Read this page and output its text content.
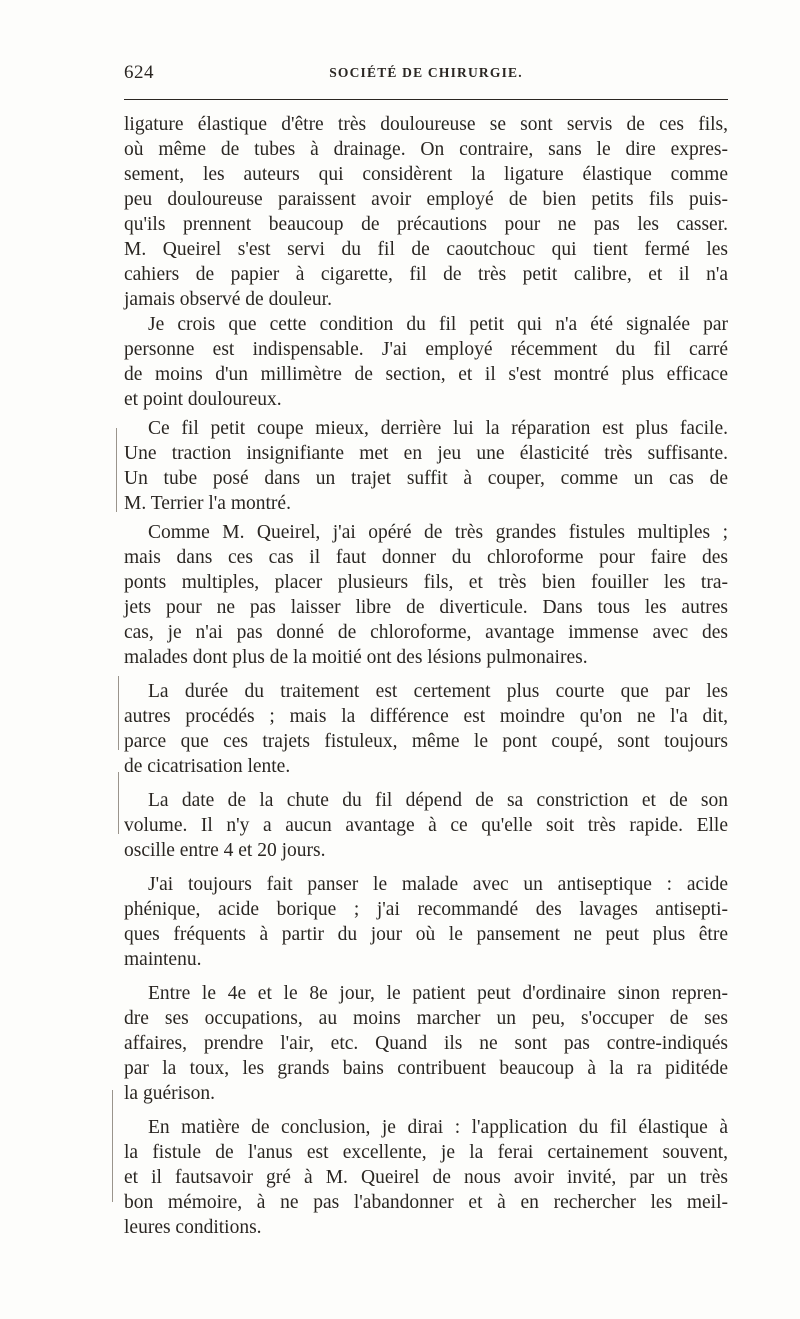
624	SOCIÉTÉ DE CHIRURGIE.
ligature élastique d'être très douloureuse se sont servis de ces fils,
où même de tubes à drainage. On contraire, sans le dire expres-
sement, les auteurs qui considèrent la ligature élastique comme
peu douloureuse paraissent avoir employé de bien petits fils puis-
qu'ils prennent beaucoup de précautions pour ne pas les casser.
M. Queirel s'est servi du fil de caoutchouc qui tient fermé les
cahiers de papier à cigarette, fil de très petit calibre, et il n'a
jamais observé de douleur.
Je crois que cette condition du fil petit qui n'a été signalée par
personne est indispensable. J'ai employé récemment du fil carré
de moins d'un millimètre de section, et il s'est montré plus efficace
et point douloureux.
Ce fil petit coupe mieux, derrière lui la réparation est plus facile.
Une traction insignifiante met en jeu une élasticité très suffisante.
Un tube posé dans un trajet suffit à couper, comme un cas de
M. Terrier l'a montré.
Comme M. Queirel, j'ai opéré de très grandes fistules multiples ;
mais dans ces cas il faut donner du chloroforme pour faire des
ponts multiples, placer plusieurs fils, et très bien fouiller les tra-
jets pour ne pas laisser libre de diverticule. Dans tous les autres
cas, je n'ai pas donné de chloroforme, avantage immense avec des
malades dont plus de la moitié ont des lésions pulmonaires.
La durée du traitement est certement plus courte que par les
autres procédés ; mais la différence est moindre qu'on ne l'a dit,
parce que ces trajets fistuleux, même le pont coupé, sont toujours
de cicatrisation lente.
La date de la chute du fil dépend de sa constriction et de son
volume. Il n'y a aucun avantage à ce qu'elle soit très rapide. Elle
oscille entre 4 et 20 jours.
J'ai toujours fait panser le malade avec un antiseptique : acide
phénique, acide borique ; j'ai recommandé des lavages antisepti-
ques fréquents à partir du jour où le pansement ne peut plus être
maintenu.
Entre le 4e et le 8e jour, le patient peut d'ordinaire sinon repren-
dre ses occupations, au moins marcher un peu, s'occuper de ses
affaires, prendre l'air, etc. Quand ils ne sont pas contre-indiqués
par la toux, les grands bains contribuent beaucoup à la ra piditéde
la guérison.
En matière de conclusion, je dirai : l'application du fil élastique à
la fistule de l'anus est excellente, je la ferai certainement souvent,
et il fautsavoir gré à M. Queirel de nous avoir invité, par un très
bon mémoire, à ne pas l'abandonner et à en rechercher les meil-
leures conditions.
